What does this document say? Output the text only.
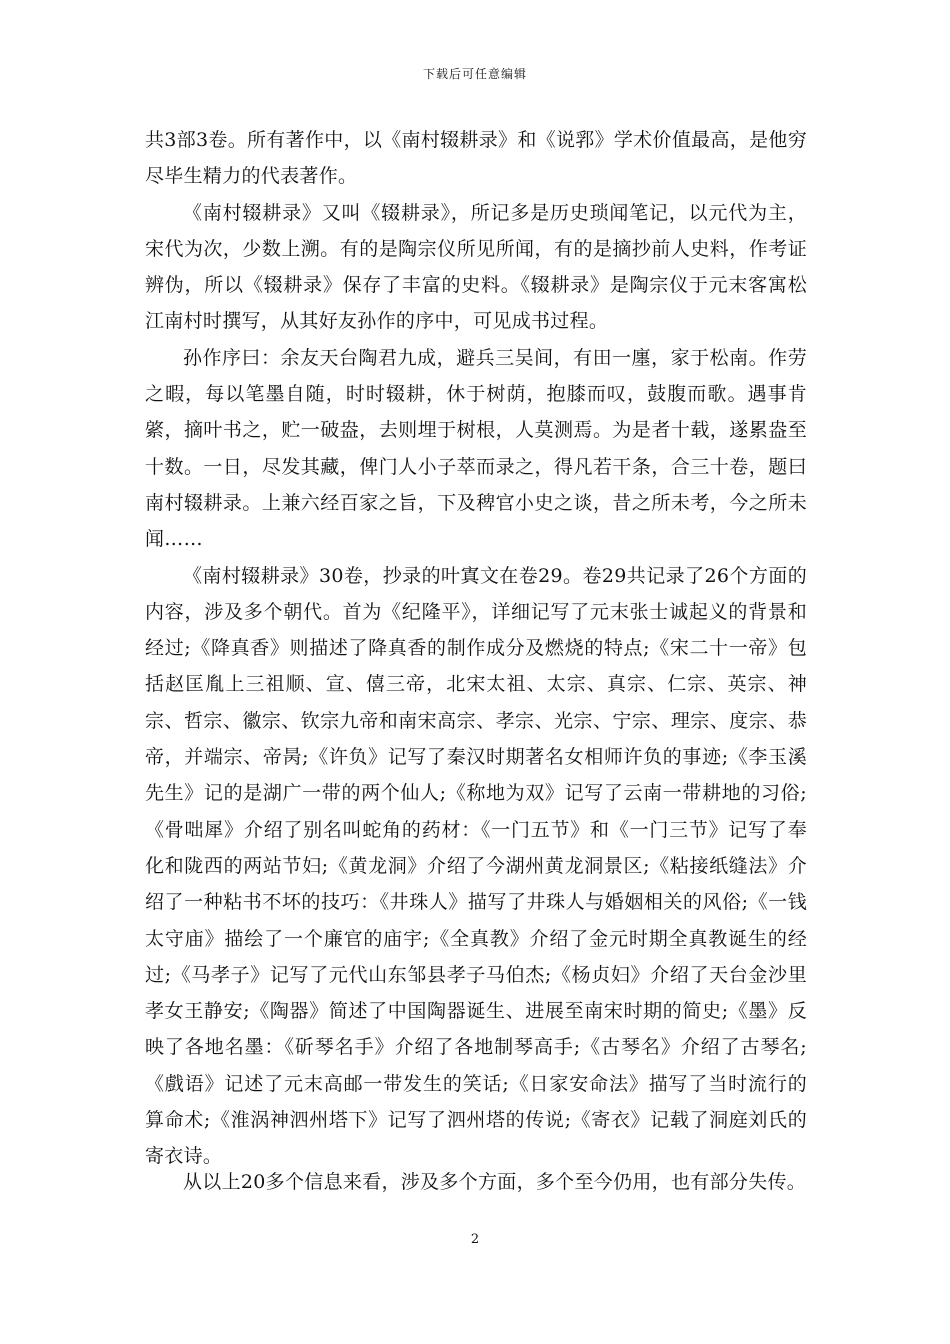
下载后可任意编辑

共3部3卷。所有著作中，以《南村辍耕录》和《说郛》学术价值最高，是他穷尽毕生精力的代表著作。

《南村辍耕录》又叫《辍耕录》，所记多是历史琐闻笔记，以元代为主，宋代为次，少数上溯。有的是陶宗仪所见所闻，有的是摘抄前人史料，作考证辨伪，所以《辍耕录》保存了丰富的史料。《辍耕录》是陶宗仪于元末客寓松江南村时撰写，从其好友孙作的序中，可见成书过程。

孙作序曰：余友天台陶君九成，避兵三吴间，有田一廛，家于松南。作劳之暇，每以笔墨自随，时时辍耕，休于树荫，抱膝而叹，鼓腹而歌。遇事肯綮，摘叶书之，贮一破盎，去则埋于树根，人莫测焉。为是者十载，遂累盎至十数。一日，尽发其藏，俾门人小子萃而录之，得凡若干条，合三十卷，题曰南村辍耕录。上兼六经百家之旨，下及稗官小史之谈，昔之所未考，今之所未闻……

《南村辍耕录》30卷，抄录的叶寘文在卷29。卷29共记录了26个方面的内容，涉及多个朝代。首为《纪隆平》，详细记写了元末张士诚起义的背景和经过;《降真香》则描述了降真香的制作成分及燃烧的特点;《宋二十一帝》包括赵匡胤上三祖顺、宣、僖三帝，北宋太祖、太宗、真宗、仁宗、英宗、神宗、哲宗、徽宗、钦宗九帝和南宋高宗、孝宗、光宗、宁宗、理宗、度宗、恭帝，并端宗、帝昺;《许负》记写了秦汉时期著名女相师许负的事迹;《李玉溪先生》记的是湖广一带的两个仙人;《称地为双》记写了云南一带耕地的习俗;《骨咄犀》介绍了别名叫蛇角的药材：《一门五节》和《一门三节》记写了奉化和陇西的两站节妇;《黄龙洞》介绍了今湖州黄龙洞景区;《粘接纸缝法》介绍了一种粘书不坏的技巧：《井珠人》描写了井珠人与婚姻相关的风俗;《一钱太守庙》描绘了一个廉官的庙宇;《全真教》介绍了金元时期全真教诞生的经过;《马孝子》记写了元代山东邹县孝子马伯杰;《杨贞妇》介绍了天台金沙里孝女王静安;《陶器》简述了中国陶器诞生、进展至南宋时期的简史;《墨》反映了各地名墨：《斫琴名手》介绍了各地制琴高手;《古琴名》介绍了古琴名;《戲语》记述了元末高邮一带发生的笑话;《日家安命法》描写了当时流行的算命术;《淮涡神泗州塔下》记写了泗州塔的传说;《寄衣》记载了洞庭刘氏的寄衣诗。

从以上20多个信息来看，涉及多个方面，多个至今仍用，也有部分失传。

2
